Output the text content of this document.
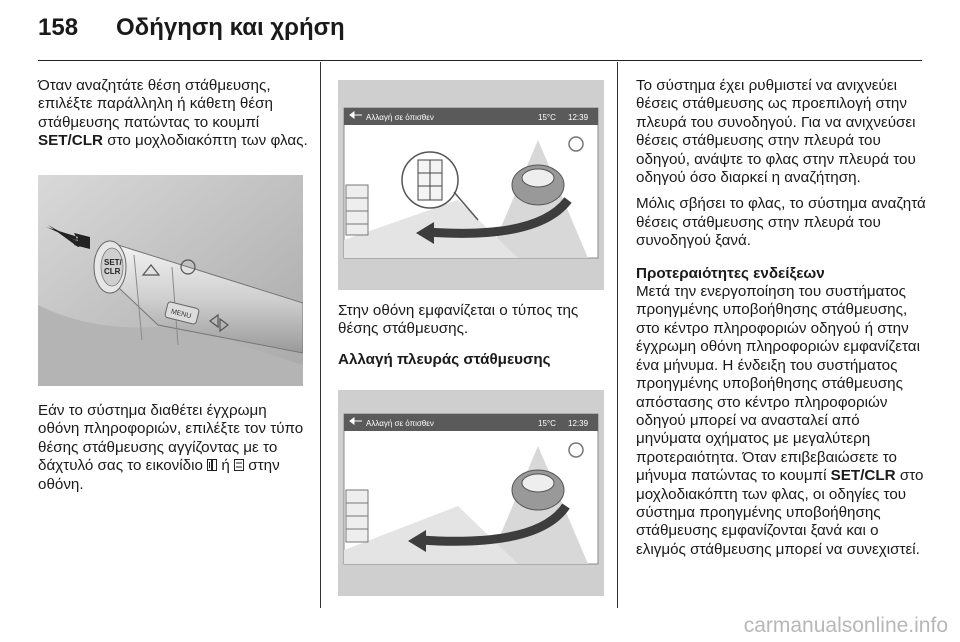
158 Οδήγηση και χρήση

Όταν αναζητάτε θέση στάθμευσης, επιλέξτε παράλληλη ή κάθετη θέση στάθμευσης πατώντας το κουμπί SET/CLR στο μοχλοδιακόπτη των φλας.

SET/
CLR
MENU

Εάν το σύστημα διαθέτει έγχρωμη οθόνη πληροφοριών, επιλέξτε τον τύπο θέσης στάθμευσης αγγίζοντας με το δάχτυλό σας το εικονίδιο  ή  στην οθόνη.

Αλλαγή σε όπισθεν	15°C 12:39

Στην οθόνη εμφανίζεται ο τύπος της θέσης στάθμευσης.

Αλλαγή πλευράς στάθμευσης
Αλλαγή σε όπισθεν	15°C 12:39

Το σύστημα έχει ρυθμιστεί να ανιχνεύει θέσεις στάθμευσης ως προεπιλογή στην πλευρά του συνοδηγού. Για να ανιχνεύσει θέσεις στάθμευσης στην πλευρά του οδηγού, ανάψτε το φλας στην πλευρά του οδηγού όσο διαρκεί η αναζήτηση.

Μόλις σβήσει το φλας, το σύστημα αναζητά θέσεις στάθμευσης στην πλευρά του συνοδηγού ξανά.

Προτεραιότητες ενδείξεων

Μετά την ενεργοποίηση του συστήματος προηγμένης υποβοήθησης στάθμευσης, στο κέντρο πληροφοριών οδηγού ή στην έγχρωμη οθόνη πληροφοριών εμφανίζεται ένα μήνυμα. Η ένδειξη του συστήματος προηγμένης υποβοήθησης στάθμευσης απόστασης στο κέντρο πληροφοριών οδηγού μπορεί να ανασταλεί από μηνύματα οχήματος με μεγαλύτερη προτεραιότητα. Όταν επιβεβαιώσετε το μήνυμα πατώντας το κουμπί SET/CLR στο μοχλοδιακόπτη των φλας, οι οδηγίες του σύστημα προηγμένης υποβοήθησης στάθμευσης εμφανίζονται ξανά και ο ελιγμός στάθμευσης μπορεί να συνεχιστεί.

carmanualsonline.info
